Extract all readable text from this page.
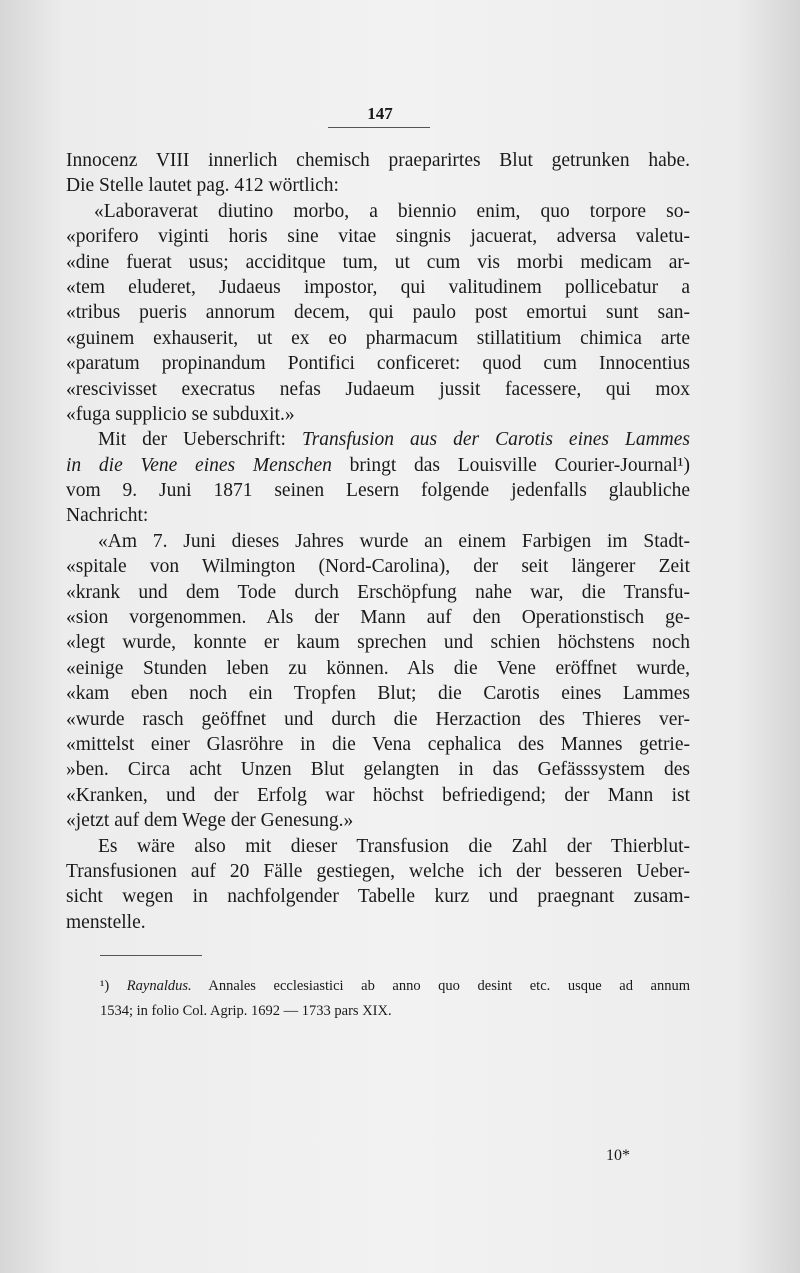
147
Innocenz VIII innerlich chemisch praeparirtes Blut getrunken habe.
Die Stelle lautet pag. 412 wörtlich:
«Laboraverat diutino morbo, a biennio enim, quo torpore so-
«porifero viginti horis sine vitae singnis jacuerat, adversa valetu-
«dine fuerat usus; acciditque tum, ut cum vis morbi medicam ar-
«tem eluderet, Judaeus impostor, qui valitudinem pollicebatur a
«tribus pueris annorum decem, qui paulo post emortui sunt san-
«guinem exhauserit, ut ex eo pharmacum stillatitium chimica arte
«paratum propinandum Pontifici conficeret: quod cum Innocentius
«rescivisset execratus nefas Judaeum jussit facessere, qui mox
«fuga supplicio se subduxit.»
Mit der Ueberschrift: Transfusion aus der Carotis eines Lammes
in die Vene eines Menschen bringt das Louisville Courier-Journal¹)
vom 9. Juni 1871 seinen Lesern folgende jedenfalls glaubliche
Nachricht:
«Am 7. Juni dieses Jahres wurde an einem Farbigen im Stadt-
«spitale von Wilmington (Nord-Carolina), der seit längerer Zeit
«krank und dem Tode durch Erschöpfung nahe war, die Transfu-
«sion vorgenommen. Als der Mann auf den Operationstisch ge-
«legt wurde, konnte er kaum sprechen und schien höchstens noch
«einige Stunden leben zu können. Als die Vene eröffnet wurde,
«kam eben noch ein Tropfen Blut; die Carotis eines Lammes
«wurde rasch geöffnet und durch die Herzaction des Thieres ver-
«mittelst einer Glasröhre in die Vena cephalica des Mannes getrie-
»ben. Circa acht Unzen Blut gelangten in das Gefässsystem des
«Kranken, und der Erfolg war höchst befriedigend; der Mann ist
«jetzt auf dem Wege der Genesung.»
Es wäre also mit dieser Transfusion die Zahl der Thierblut-
Transfusionen auf 20 Fälle gestiegen, welche ich der besseren Ueber-
sicht wegen in nachfolgender Tabelle kurz und praegnant zusam-
menstelle.
¹) Raynaldus. Annales ecclesiastici ab anno quo desint etc. usque ad annum
1534; in folio Col. Agrip. 1692 — 1733 pars XIX.
10*
